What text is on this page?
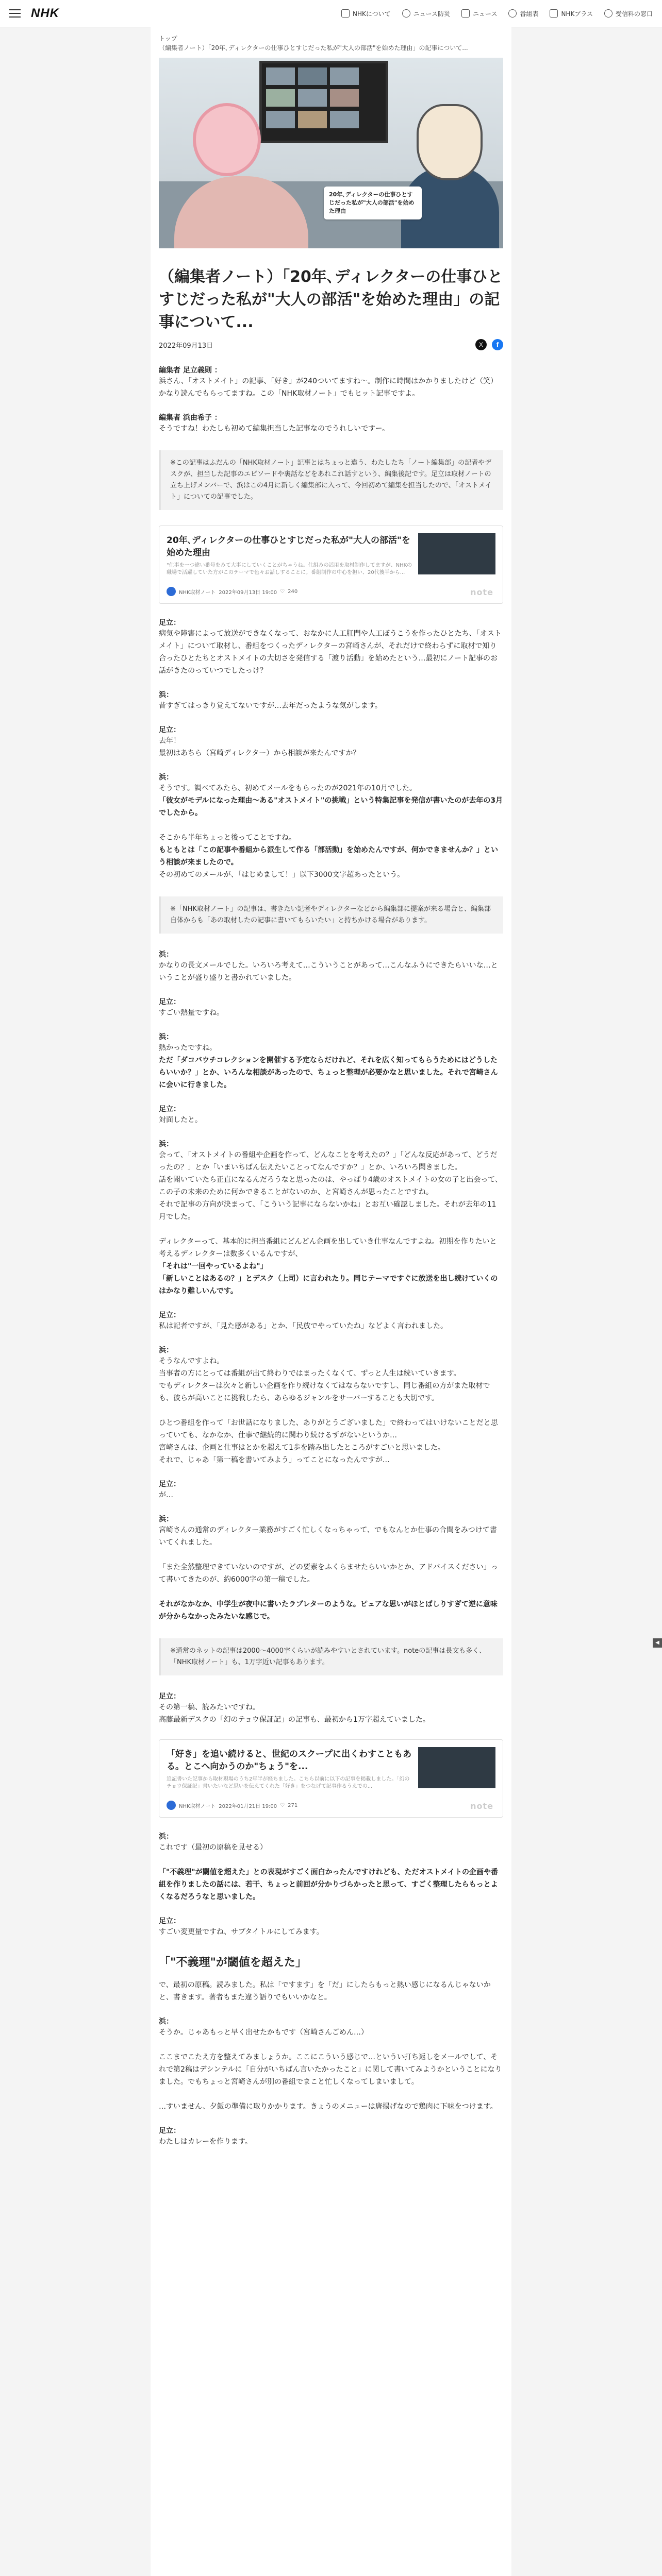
NHK	NHKについて	ニュース防災	ニュース	番組表	NHKプラス	受信料の窓口
トップ
（編集者ノート）「20年､ディレクターの仕事ひとすじだった私が"大人の部活"を始めた理由」の記事について...
20年､ディレクターの仕事ひとすじだった私が"大人の部活"を始めた理由
（編集者ノート）「20年､ディレクターの仕事ひとすじだった私が"大人の部活"を始めた理由」の記事について...
2022年09月13日	X	f
編集者 足立義則 ：

浜さん、「オストメイト」の記事、「好き」が240ついてますね〜。制作に時間はかかりましたけど（笑）かなり読んでもらってますね。この「NHK取材ノート」でもヒット記事ですよ。

編集者 浜由希子 ：

そうですね！わたしも初めて編集担当した記事なのでうれしいですー。

※この記事はふだんの「NHK取材ノート」記事とはちょっと違う、わたしたち「ノート編集部」の記者やデスクが、担当した記事のエピソードや裏話などをあれこれ話すという、編集後記です。足立は取材ノートの立ち上げメンバーで、浜はこの4月に新しく編集部に入って、今回初めて編集を担当したので、「オストメイト」についての記事でした。
20年､ディレクターの仕事ひとすじだった私が"大人の部活"を始めた理由
"仕事を一つ違い番号をみて大事にしていくことがちゃうね。仕組みの活用を取材制作してますが、NHKの職場で活躍していた方がこのテーマで色々お話しすることに。番組制作の中心を担い、20代後半から...
NHK取材ノート 2022年09月13日 19:00 ♡ 240	note
足立：

病気や障害によって放送ができなくなって、おなかに人工肛門や人工ぼうこうを作ったひとたち、「オストメイト」について取材し、番組をつくったディレクターの宮崎さんが、それだけで終わらずに取材で知り合ったひとたちとオストメイトの大切さを発信する「渡り活動」を始めたという…最初にノート記事のお話がきたのっていつでしたっけ？

浜：

昔すぎてはっきり覚えてないですが…去年だったような気がします。

足立：

去年！

最初はあちら（宮崎ディレクター）から相談が来たんですか？

浜：

そうです。調べてみたら、初めてメールをもらったのが2021年の10月でした。

「彼女がモデルになった理由〜ある"オストメイト"の挑戦」という特集記事を発信が書いたのが去年の3月でしたから。

そこから半年ちょっと後ってことですね。

もともとは「この記事や番組から派生して作る「部活動」を始めたんですが、何かできませんか？」という相談が来ましたので。

その初めてのメールが、「はじめまして！」以下3000文字超あったという。

※「NHK取材ノート」の記事は、書きたい記者やディレクターなどから編集部に提案が来る場合と、編集部自体からも「あの取材したの記事に書いてもらいたい」と持ちかける場合があります。
浜：

かなりの長文メールでした。いろいろ考えて…こういうことがあって…こんなふうにできたらいいな…ということが盛り盛りと書かれていました。

足立：

すごい熱量ですね。

浜：

熱かったですね。

ただ「ダコバウチコレクションを開催する予定ならだけれど、それを広く知ってもらうためにはどうしたらいいか？」とか、いろんな相談があったので、ちょっと整理が必要かなと思いました。それで宮崎さんに会いに行きました。

足立：

対面したと。

浜：

会って、「オストメイトの番組や企画を作って、どんなことを考えたの？」「どんな反応があって、どうだったの？」とか「いまいちばん伝えたいことってなんですか？」とか、いろいろ聞きました。

話を聞いていたら正直になるんだろうなと思ったのは、やっぱり4歳のオストメイトの女の子と出会って、この子の未来のために何かできることがないのか、と宮崎さんが思ったことですね。

それで記事の方向が決まって、「こういう記事にならないかね」とお互い確認しました。それが去年の11月でした。

ディレクターって、基本的に担当番組にどんどん企画を出していき仕事なんですよね。初期を作りたいと考えるディレクターは数多くいるんですが、

「それは"一回やっているよね"」

「新しいことはあるの？」とデスク（上司）に言われたり。同じテーマですぐに放送を出し続けていくのはかなり難しいんです。

足立：

私は記者ですが、「見た感がある」とか、「民放でやっていたね」などよく言われました。

浜：

そうなんですよね。

当事者の方にとっては番組が出て終わりではまったくなくて、ずっと人生は続いていきます。

でもディレクターは次々と新しい企画を作り続けなくてはならないですし、同じ番組の方がまた取材でも、彼らが高いことに挑戦したら、あらゆるジャンルをサーバーすることも大切です。

ひとつ番組を作って「お世話になりました、ありがとうございました」で終わってはいけないことだと思っていても、なかなか、仕事で継続的に関わり続けるずがないというか…

宮崎さんは、企画と仕事はとかを超えて1歩を踏み出したところがすごいと思いました。

それで、じゃあ「第一稿を書いてみよう」ってことになったんですが…

足立：

が…

浜：

宮崎さんの通常のディレクター業務がすごく忙しくなっちゃって、でもなんとか仕事の合間をみつけて書いてくれました。

「また全然整理できていないのですが、どの要素をふくらませたらいいかとか、アドバイスください」って書いてきたのが、約6000字の第一稿でした。

それがなかなか、中学生が夜中に書いたラブレターのような。ピュアな思いがほとばしりすぎて逆に意味が分からなかったみたいな感じで。

※通常のネットの記事は2000〜4000字くらいが読みやすいとされています。noteの記事は長文も多く、「NHK取材ノート」も、1万字近い記事もあります。
足立：

その第一稿、読みたいですね。

高藤最新デスクの「幻のテョウ保証記」の記事も、最初から1万字超えていました。

「好き」を追い続けると、世紀のスクープに出くわすこともある。とこへ向かうのか"ちょう"を...
追記書いた記事から取材現場のうち2年半が経ちました。こちら以前に以下の記事を掲載しました。「幻のチョウ保証記」書いたいなど思いを伝えてくれた「好き」をつなげて記事作るうえでの...
NHK取材ノート 2022年01月21日 19:00 ♡ 271	note
浜：

これです（最初の原稿を見せる）

「"不義理"が閾値を超えた」との表現がすごく面白かったんですけれども、ただオストメイトの企画や番組を作りましたの話には、若干、ちょっと前回が分かりづらかったと思って、すごく整理したらもっとよくなるだろうなと思いました。

足立：

すごい変更量ですね、サブタイトルにしてみます。

「"不義理"が閾値を超えた」

で、最初の原稿。読みました。私は「ですます」を「だ」にしたらもっと熱い感じになるんじゃないかと、書きます。著者もまた違う語りでもいいかなと。

浜：

そうか。じゃあもっと早く出せたかもです（宮崎さんごめん…）

ここまでこたえ方を整えてみましょうか。ここにこういう感じで…というい打ち返しをメールでして、それで第2稿はデシンテルに「自分がいちばん言いたかったこと」に関して書いてみようかということになりました。でもちょっと宮崎さんが別の番組でまこと忙しくなってしまいまして。

…すいません、夕飯の準備に取りかかります。きょうのメニューは唐揚げなので鶏肉に下味をつけます。

足立：

わたしはカレーを作ります。

◀
